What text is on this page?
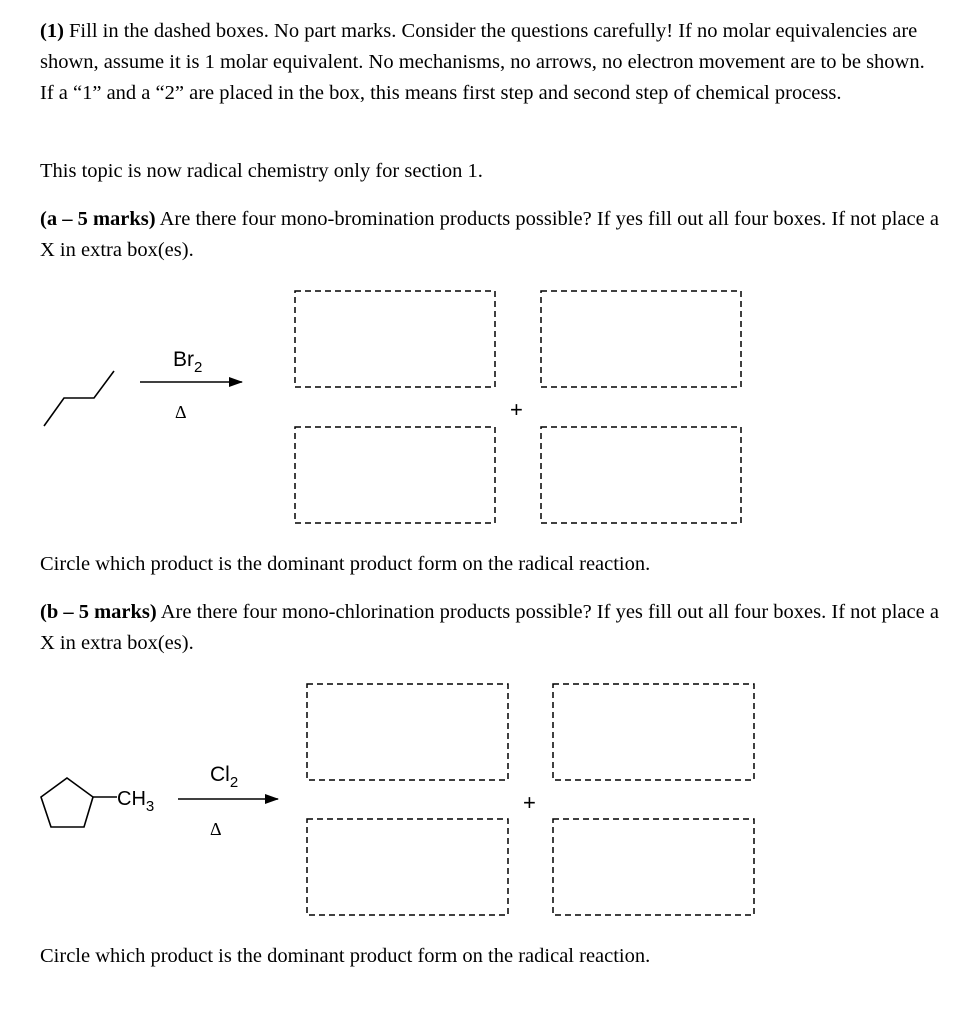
(1) Fill in the dashed boxes. No part marks. Consider the questions carefully! If no molar equivalencies are shown, assume it is 1 molar equivalent. No mechanisms, no arrows, no electron movement are to be shown. If a “1” and a “2” are placed in the box, this means first step and second step of chemical process.

This topic is now radical chemistry only for section 1.

(a – 5 marks) Are there four mono-bromination products possible? If yes fill out all four boxes. If not place a X in extra box(es).

$Br_2$
Δ	+
$CH_3$
$Cl_2$
Δ
+

Circle which product is the dominant product form on the radical reaction.

(b – 5 marks) Are there four mono-chlorination products possible? If yes fill out all four boxes. If not place a X in extra box(es).

Circle which product is the dominant product form on the radical reaction.
